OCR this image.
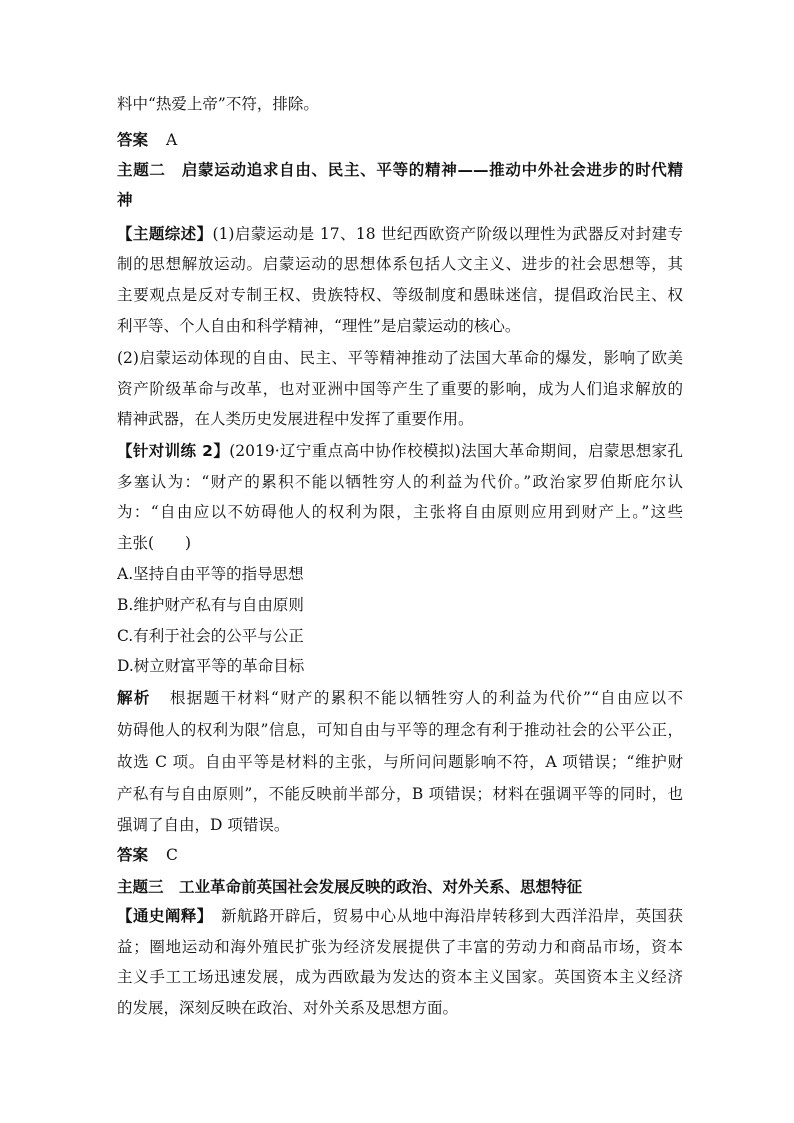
料中“热爱上帝”不符，排除。
答案 A
主题二　启蒙运动追求自由、民主、平等的精神——推动中外社会进步的时代精
神
【主题综述】(1)启蒙运动是 17、18 世纪西欧资产阶级以理性为武器反对封建专
制的思想解放运动。启蒙运动的思想体系包括人文主义、进步的社会思想等，其
主要观点是反对专制王权、贵族特权、等级制度和愚昧迷信，提倡政治民主、权
利平等、个人自由和科学精神，“理性”是启蒙运动的核心。
(2)启蒙运动体现的自由、民主、平等精神推动了法国大革命的爆发，影响了欧美
资产阶级革命与改革，也对亚洲中国等产生了重要的影响，成为人们追求解放的
精神武器，在人类历史发展进程中发挥了重要作用。
【针对训练 2】(2019·辽宁重点高中协作校模拟)法国大革命期间，启蒙思想家孔
多塞认为：“财产的累积不能以牺牲穷人的利益为代价。”政治家罗伯斯庇尔认
为：“自由应以不妨碍他人的权利为限，主张将自由原则应用到财产上。”这些
主张(　　)
A.坚持自由平等的指导思想
B.维护财产私有与自由原则
C.有利于社会的公平与公正
D.树立财富平等的革命目标
解析 根据题干材料“财产的累积不能以牺牲穷人的利益为代价”“自由应以不
妨碍他人的权利为限”信息，可知自由与平等的理念有利于推动社会的公平公正，
故选 C 项。自由平等是材料的主张，与所问问题影响不符，A 项错误；“维护财
产私有与自由原则”，不能反映前半部分，B 项错误；材料在强调平等的同时，也
强调了自由，D 项错误。
答案 C
主题三　工业革命前英国社会发展反映的政治、对外关系、思想特征
【通史阐释】 新航路开辟后，贸易中心从地中海沿岸转移到大西洋沿岸，英国获
益；圈地运动和海外殖民扩张为经济发展提供了丰富的劳动力和商品市场，资本
主义手工工场迅速发展，成为西欧最为发达的资本主义国家。英国资本主义经济
的发展，深刻反映在政治、对外关系及思想方面。
